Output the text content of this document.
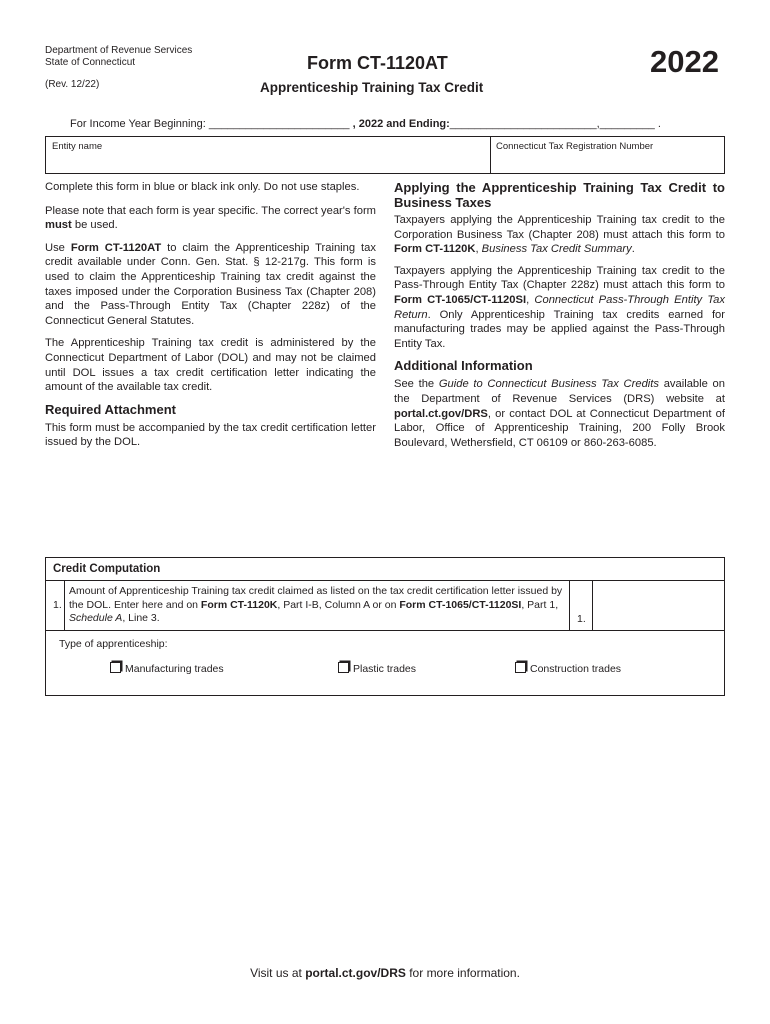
Department of Revenue Services
State of Connecticut
(Rev. 12/22)
Form CT-1120AT	2022
Apprenticeship Training Tax Credit
For Income Year Beginning: _______________________ , 2022 and Ending:________________________,_________ .
Entity name	Connecticut Tax Registration Number

Complete this form in blue or black ink only. Do not use staples.

Please note that each form is year specific. The correct year's form must be used.

Use Form CT-1120AT to claim the Apprenticeship Training tax credit available under Conn. Gen. Stat. § 12-217g. This form is used to claim the Apprenticeship Training tax credit against the taxes imposed under the Corporation Business Tax (Chapter 208) and the Pass-Through Entity Tax (Chapter 228z) of the Connecticut General Statutes.

The Apprenticeship Training tax credit is administered by the Connecticut Department of Labor (DOL) and may not be claimed until DOL issues a tax credit certification letter indicating the amount of the available tax credit.

Required Attachment

This form must be accompanied by the tax credit certification letter issued by the DOL.

Applying the Apprenticeship Training Tax Credit to Business Taxes

Taxpayers applying the Apprenticeship Training tax credit to the Corporation Business Tax (Chapter 208) must attach this form to Form CT-1120K, Business Tax Credit Summary.

Taxpayers applying the Apprenticeship Training tax credit to the Pass-Through Entity Tax (Chapter 228z) must attach this form to Form CT-1065/CT-1120SI, Connecticut Pass-Through Entity Tax Return. Only Apprenticeship Training tax credits earned for manufacturing trades may be applied against the Pass-Through Entity Tax.

Additional Information

See the Guide to Connecticut Business Tax Credits available on the Department of Revenue Services (DRS) website at portal.ct.gov/DRS, or contact DOL at Connecticut Department of Labor, Office of Apprenticeship Training, 200 Folly Brook Boulevard, Wethersfield, CT 06109 or 860-263-6085.

Credit Computation
1.
Amount of Apprenticeship Training tax credit claimed as listed on the tax credit certification letter issued by the DOL. Enter here and on Form CT-1120K, Part I-B, Column A or on Form CT-1065/CT-1120SI, Part 1, Schedule A, Line 3.	1.
Type of apprenticeship:
Manufacturing trades	Plastic trades	Construction trades
Visit us at portal.ct.gov/DRS for more information.
